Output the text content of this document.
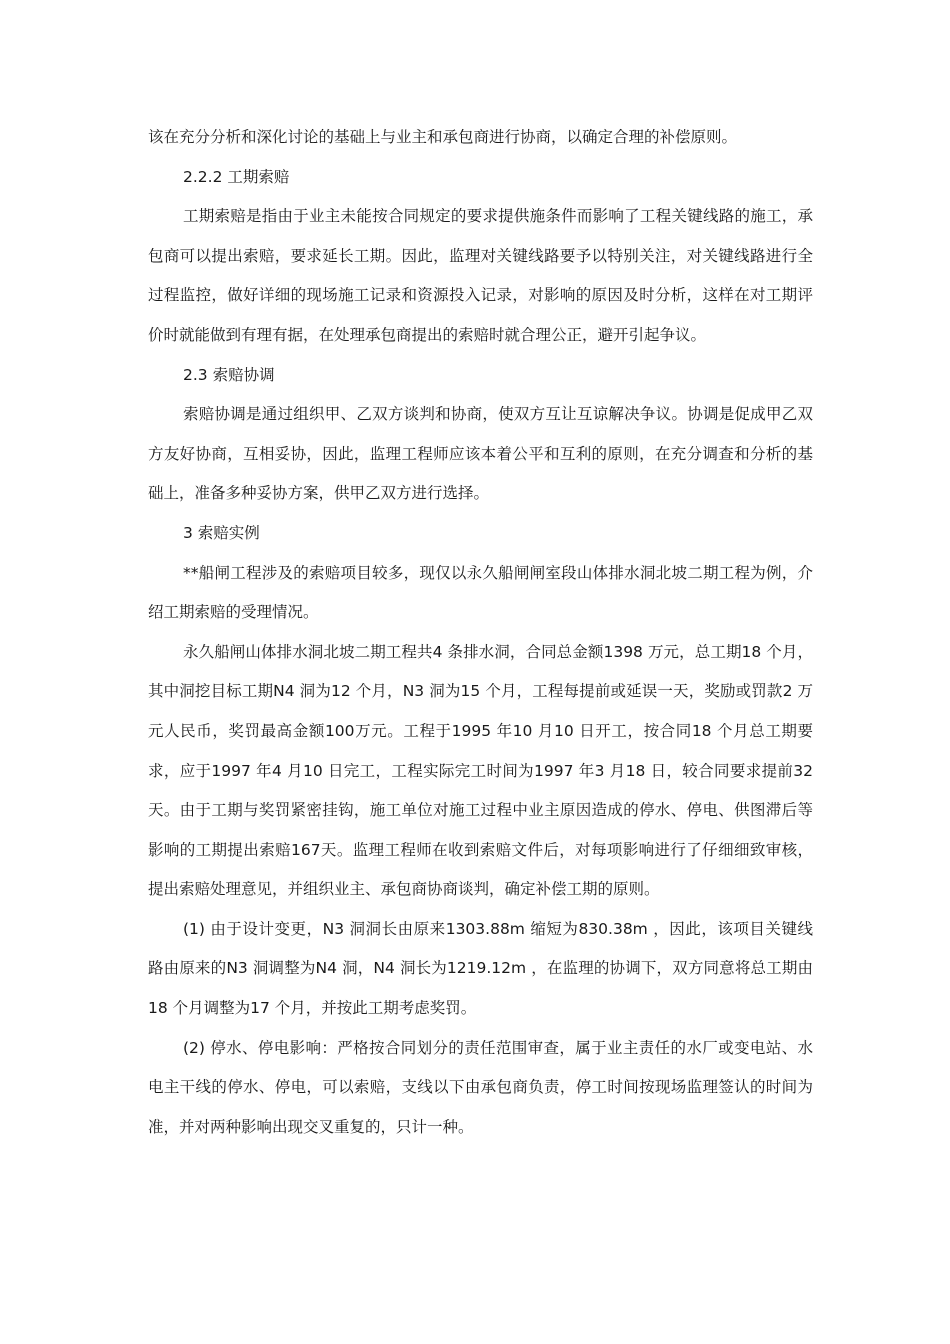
该在充分分析和深化讨论的基础上与业主和承包商进行协商，以确定合理的补偿原则。

2.2.2 工期索赔

工期索赔是指由于业主未能按合同规定的要求提供施条件而影响了工程关键线路的施工，承包商可以提出索赔，要求延长工期。因此，监理对关键线路要予以特别关注，对关键线路进行全过程监控，做好详细的现场施工记录和资源投入记录，对影响的原因及时分析，这样在对工期评价时就能做到有理有据，在处理承包商提出的索赔时就合理公正，避开引起争议。

2.3 索赔协调

索赔协调是通过组织甲、乙双方谈判和协商，使双方互让互谅解决争议。协调是促成甲乙双方友好协商，互相妥协，因此，监理工程师应该本着公平和互利的原则，在充分调查和分析的基础上，准备多种妥协方案，供甲乙双方进行选择。

3 索赔实例

**船闸工程涉及的索赔项目较多，现仅以永久船闸闸室段山体排水洞北坡二期工程为例，介绍工期索赔的受理情况。

永久船闸山体排水洞北坡二期工程共4 条排水洞，合同总金额1398 万元，总工期18 个月，其中洞挖目标工期N4 洞为12 个月，N3 洞为15 个月，工程每提前或延误一天，奖励或罚款2 万元人民币，奖罚最高金额100万元。工程于1995 年10 月10 日开工，按合同18 个月总工期要求，应于1997 年4 月10 日完工，工程实际完工时间为1997 年3 月18 日，较合同要求提前32 天。由于工期与奖罚紧密挂钩，施工单位对施工过程中业主原因造成的停水、停电、供图滞后等影响的工期提出索赔167天。监理工程师在收到索赔文件后，对每项影响进行了仔细细致审核，提出索赔处理意见，并组织业主、承包商协商谈判，确定补偿工期的原则。

(1) 由于设计变更，N3 洞洞长由原来1303.88m 缩短为830.38m ，因此，该项目关键线路由原来的N3 洞调整为N4 洞，N4 洞长为1219.12m ，在监理的协调下，双方同意将总工期由18 个月调整为17 个月，并按此工期考虑奖罚。

(2) 停水、停电影响：严格按合同划分的责任范围审查，属于业主责任的水厂或变电站、水电主干线的停水、停电，可以索赔，支线以下由承包商负责，停工时间按现场监理签认的时间为准，并对两种影响出现交叉重复的，只计一种。
